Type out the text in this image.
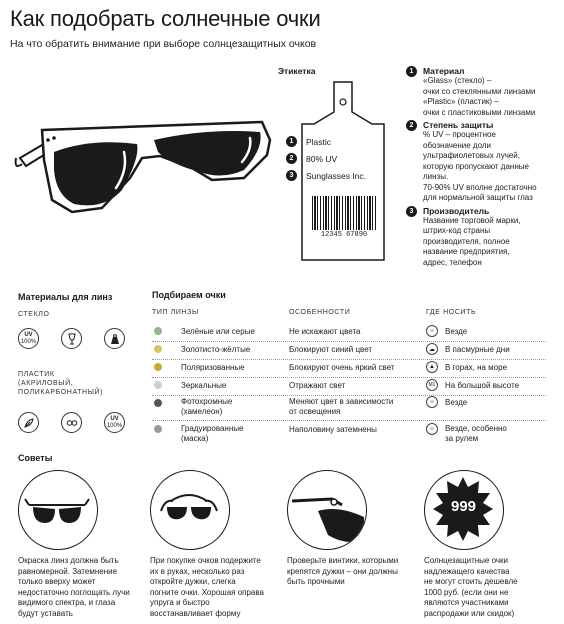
Как подобрать солнечные очки
На что обратить внимание при выборе солнцезащитных очков
Этикетка
1	Plastic
2	80% UV
3	Sunglasses Inc.
12345 67890
1	Материал
«Glass» (стекло) –
очки со стеклянными линзами
«Plastic» (пластик) –
очки с пластиковыми линзами
2	Степень защиты
% UV – процентное
обозначение доли
ультрафиолетовых лучей,
которую пропускают данные
линзы.
70-90% UV вполне достаточно
для нормальной защиты глаз
3	Производитель
Название торговой марки,
штрих-код страны
производителя, полное
название предприятия,
адрес, телефон
Материалы для линз
СТЕКЛО
UV
100%
ПЛАСТИК
(АКРИЛОВЫЙ,
ПОЛИКАРБОНАТНЫЙ)
UV
100%
Подбираем очки
ТИП ЛИНЗЫ	ОСОБЕННОСТИ	ГДЕ НОСИТЬ
Зелёные или серые	Не искажают цвета	☼	Везде
Золотисто-жёлтые	Блокируют синий цвет	☁	В пасмурные дни
Поляризованные	Блокируют очень яркий свет	▲	В горах, на море
Зеркальные	Отражают свет	M1	На большой высоте
Фотохромные
(хамелеон)
Меняют цвет в зависимости
от освещения
☼	Везде
Градуированные
(маска)
Наполовину затемнены	☼	Везде, особенно
за рулем
Советы
Окраска линз должна быть
равномерной. Затемнение
только вверху может
недостаточно поглощать лучи
видимого спектра, и глаза
будут уставать
При покупке очков подержите
их в руках, несколько раз
откройте дужки, слегка
погните очки. Хорошая оправа
упруга и быстро
восстанавливает форму
Проверьте винтики, которыми
крепятся дужки – они должны
быть прочными
999
Солнцезащитные очки
надлежащего качества
не могут стоить дешевле
1000 руб. (если они не
являются участниками
распродажи или скидок)
